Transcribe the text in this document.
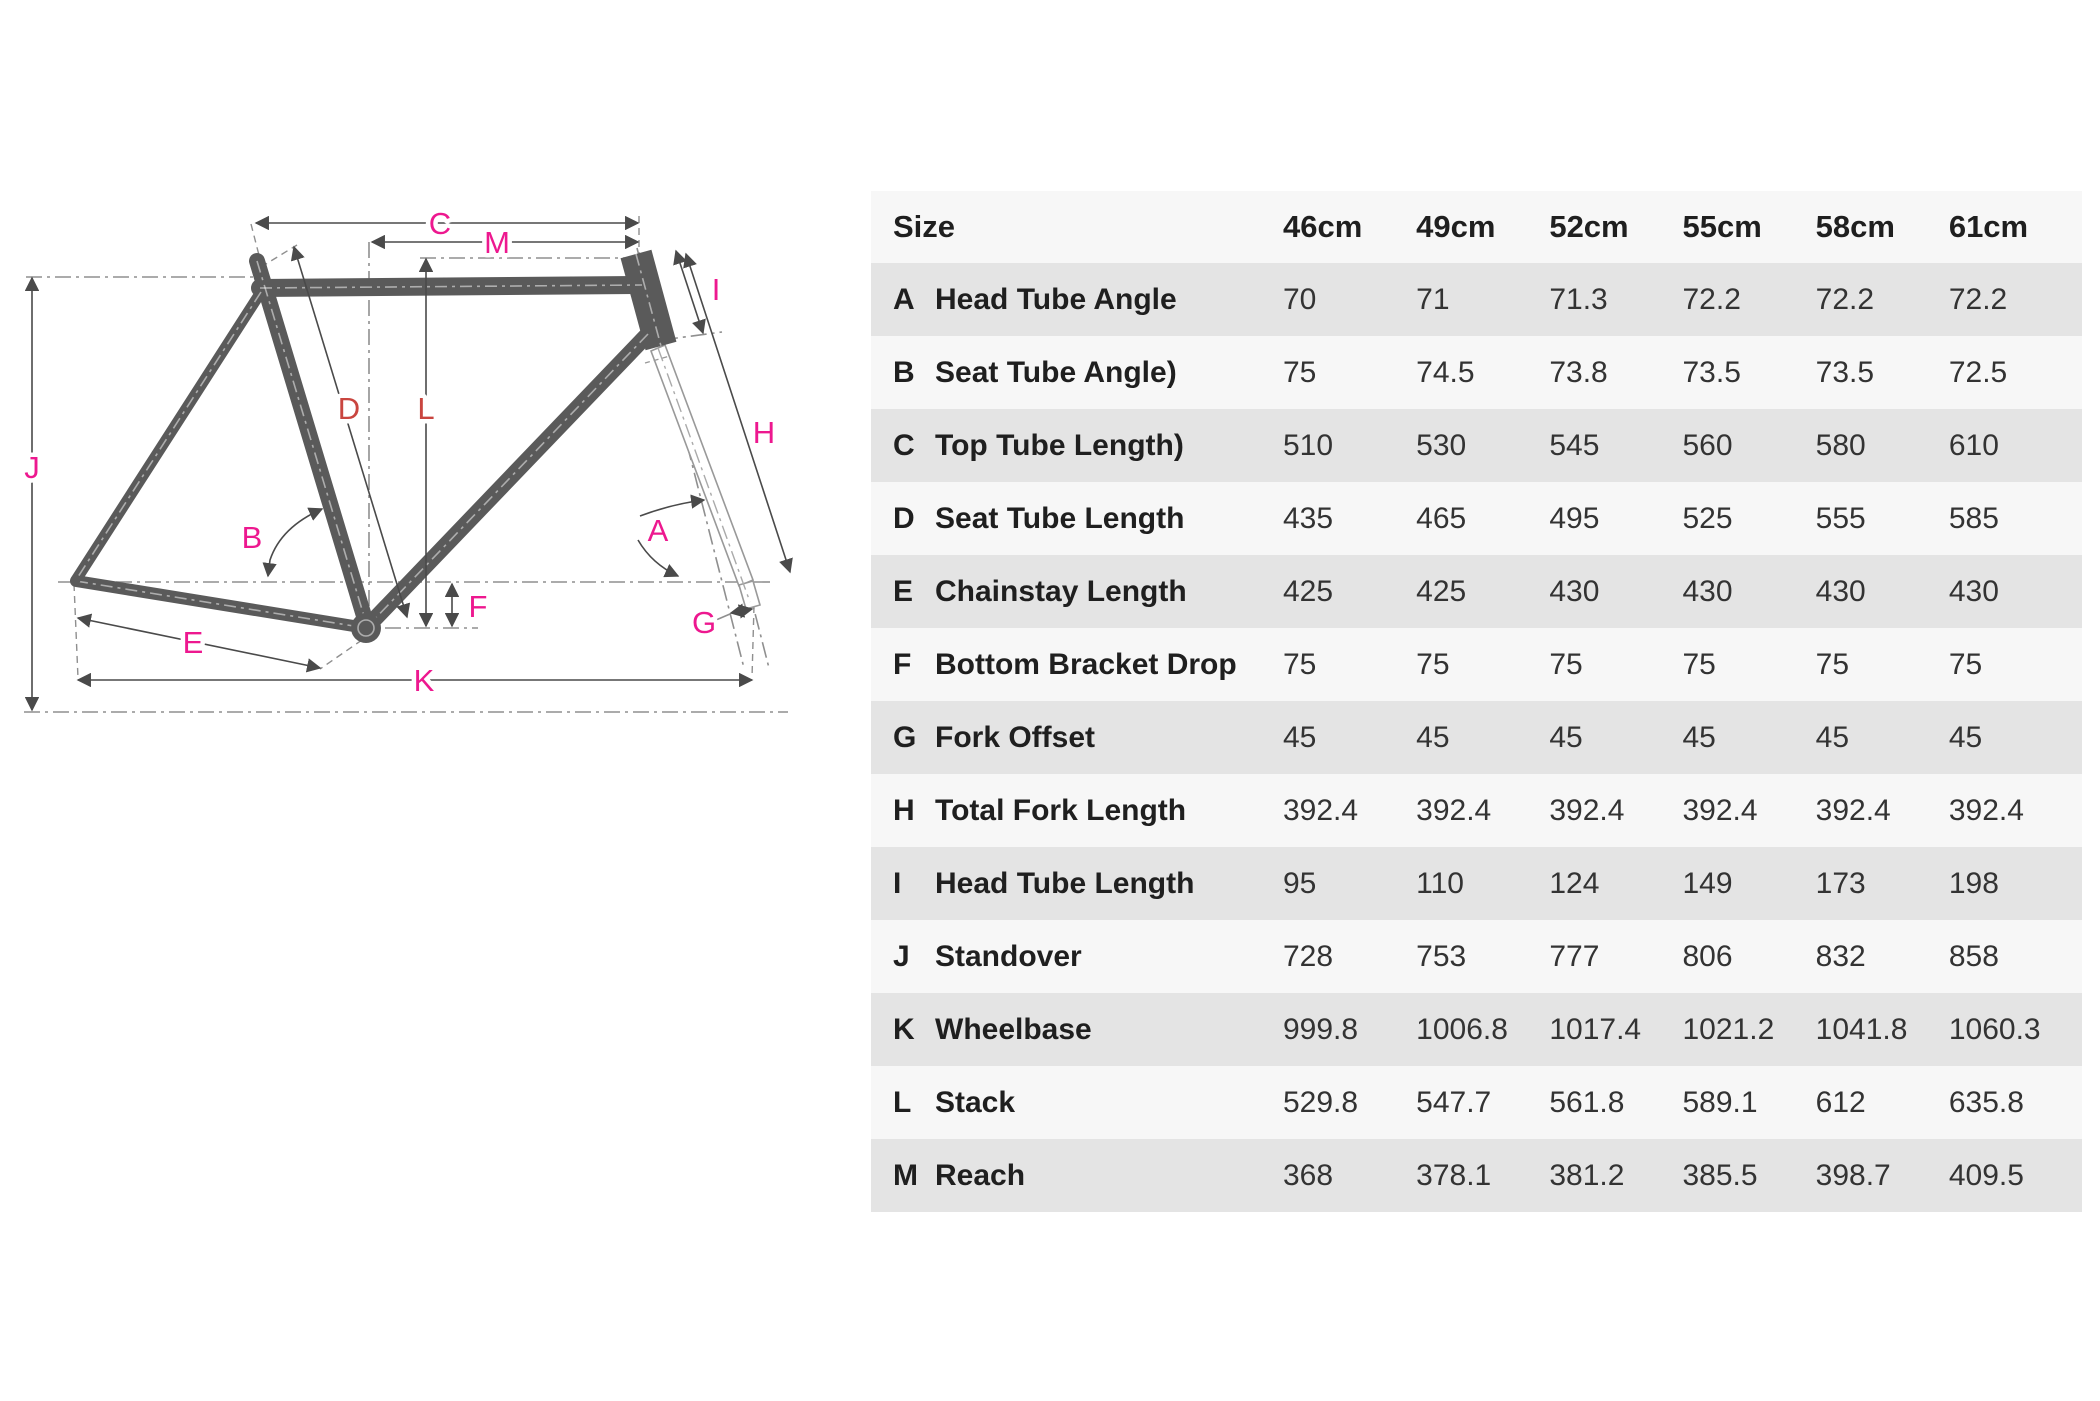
C
M
I
H
A
G
L
D
B
J
E
F
K
Size	46cm	49cm	52cm	55cm	58cm	61cm
A Head Tube Angle	70	71	71.3	72.2	72.2	72.2
B Seat Tube Angle)	75	74.5	73.8	73.5	73.5	72.5
C Top Tube Length)	510	530	545	560	580	610
D Seat Tube Length	435	465	495	525	555	585
E Chainstay Length	425	425	430	430	430	430
F Bottom Bracket Drop	75	75	75	75	75	75
G Fork Offset	45	45	45	45	45	45
H Total Fork Length	392.4	392.4	392.4	392.4	392.4	392.4
I Head Tube Length	95	110	124	149	173	198
J Standover	728	753	777	806	832	858
K Wheelbase	999.8	1006.8	1017.4	1021.2	1041.8	1060.3
L Stack	529.8	547.7	561.8	589.1	612	635.8
M Reach	368	378.1	381.2	385.5	398.7	409.5
